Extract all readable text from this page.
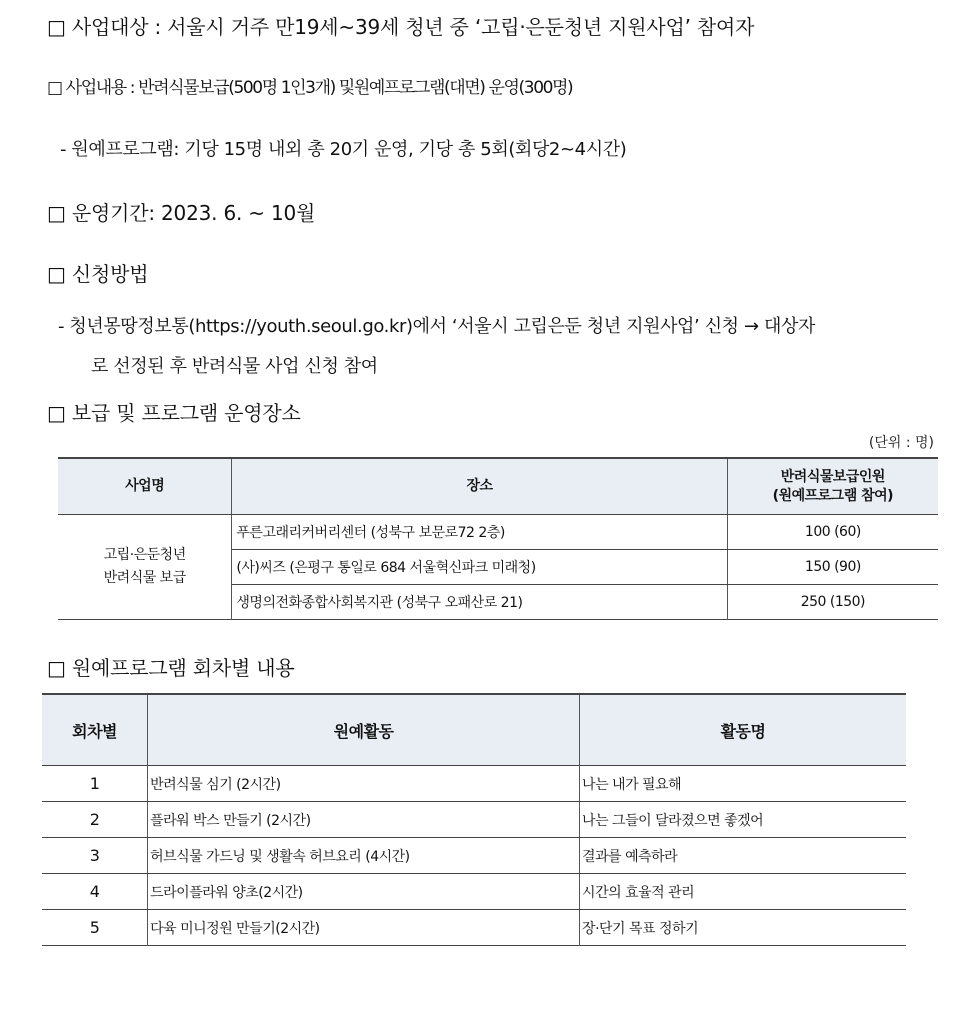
□ 사업대상 : 서울시 거주 만19세~39세 청년 중 ‘고립·은둔청년 지원사업’ 참여자
□ 사업내용 : 반려식물보급(500명 1인3개) 및원예프로그램(대면) 운영(300명)
- 원예프로그램: 기당 15명 내외 총 20기 운영, 기당 총 5회(회당2~4시간)
□ 운영기간: 2023. 6. ~ 10월
□ 신청방법
- 청년몽땅정보통(https://youth.seoul.go.kr)에서 ‘서울시 고립은둔 청년 지원사업’ 신청 → 대상자
로 선정된 후 반려식물 사업 신청 참여
□ 보급 및 프로그램 운영장소
(단위 : 명)
사업명	장소	반려식물보급인원
(원예프로그램 참여)

고립·은둔청년
반려식물 보급	푸른고래리커버리센터 (성북구 보문로72 2층)	100 (60)
	(사)씨즈 (은평구 통일로 684 서울혁신파크 미래청)	150 (90)
	생명의전화종합사회복지관 (성북구 오패산로 21)	250 (150)
□ 원예프로그램 회차별 내용
회차별	원예활동	활동명
1	반려식물 심기 (2시간)	나는 내가 필요해
2	플라워 박스 만들기 (2시간)	나는 그들이 달라졌으면 좋겠어
3	허브식물 가드닝 및 생활속 허브요리 (4시간)	결과를 예측하라
4	드라이플라워 양초(2시간)	시간의 효율적 관리
5	다육 미니정원 만들기(2시간)	장·단기 목표 정하기
